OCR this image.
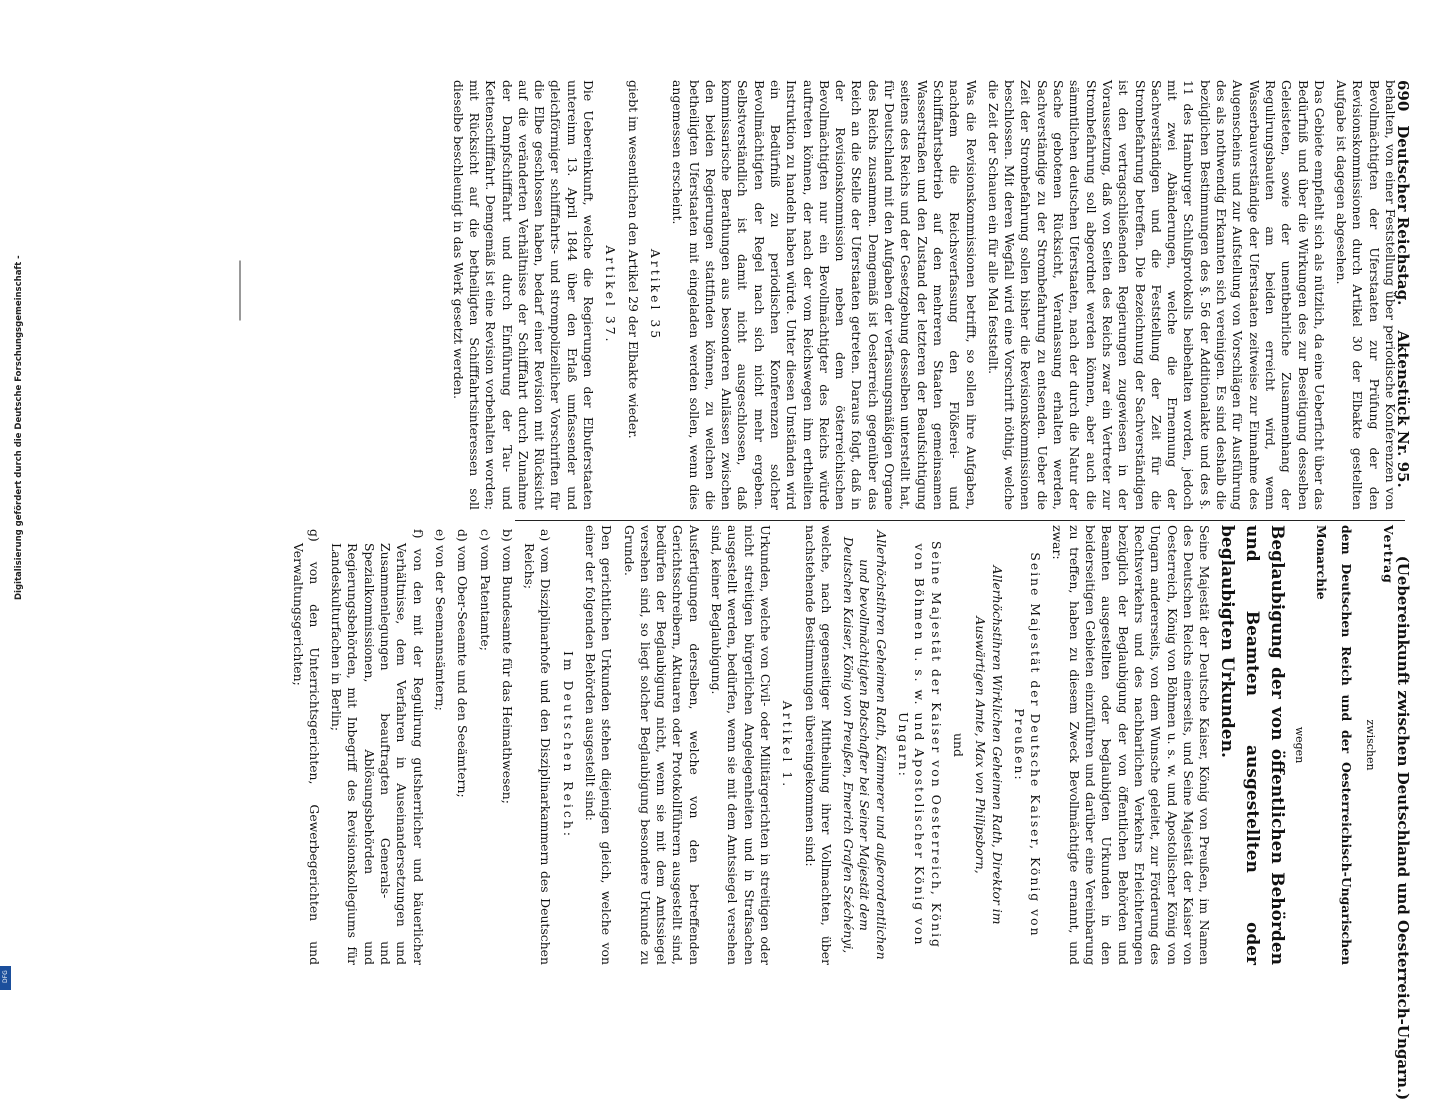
690 Deutscher Reichstag. Aktenstück Nr. 95. (Uebereinkunft zwischen Deutschland und Oesterreich-Ungarn.)

behalten, von einer Feststellung über periodische Konferenzen von Bevollmächtigten der Uferstaaten zur Prüfung der den Revisionskommissionen durch Artikel 30 der Elbakte gestellten Aufgabe ist dagegen abgesehen.

Das Gebiete empfiehlt sich als nützlich, da eine Ueberficht über das Bedürfniß und über die Wirkungen des zur Beseitigung desselben Geleisteten, sowie der unentbehrliche Zusammenhang der Regulirungsbauten am beiden erreicht wird, wenn Wasserbauverständige der Uferstaaten zeitweise zur Einnahme des Augenscheins und zur Aufstellung von Vorschlägen für Ausführung des als nothwendig Erkannten sich vereinigen. Es sind deshalb die bezüglichen Bestimmungen des §. 56 der Additionalakte und des §. 11 des Hamburger Schlußprotokolls beibehalten worden, jedoch mit zwei Abänderungen, welche die Ernennung der Sachverständigen und die Feststellung der Zeit für die Strombefahrung betreffen. Die Bezeichnung der Sachverständigen ist den vertragschließenden Regierungen zugewiesen in der Voraussetzung, daß von Seiten des Reichs zwar ein Vertreter zur Strombefahrung soll abgeordnet werden können, aber auch die sämmtlichen deutschen Uferstaaten, nach der durch die Natur der Sache gebotenen Rücksicht, Veranlassung erhalten werden, Sachverständige zu der Strombefahrung zu entsenden. Ueber die Zeit der Strombefahrung sollen bisher die Revisionskommissionen beschlossen. Mit deren Wegfall wird eine Vorschrift nöthig, welche die Zeit der Schauen ein für alle Mal feststellt.

Was die Revisionskommissionen betrifft, so sollen ihre Aufgaben, nachdem die Reichsverfassung den Flößerei- und Schifffahrtsbetrieb auf den mehreren Staaten gemeinsamen Wasserstraßen und den Zustand der letzteren der Beaufsichtigung seitens des Reichs und der Gesetzgebung desselben unterstellt hat, für Deutschland mit den Aufgaben der verfassungsmäßigen Organe des Reichs zusammen. Demgemäß ist Oesterreich gegenüber das Reich an die Stelle der Uferstaaten getreten. Daraus folgt, daß in der Revisionskommission neben dem österreichischen Bevollmächtigten nur ein Bevollmächtigter des Reichs würde auftreten können, der nach der vom Reichswegen ihm ertheilten Instruktion zu handeln haben würde. Unter diesen Umständen wird ein Bedürfniß zu periodischen Konferenzen solcher Bevollmächtigten der Regel nach sich nicht mehr ergeben. Selbstverständlich ist damit nicht ausgeschlossen, daß kommissarische Berathungen aus besonderen Anlässen zwischen den beiden Regierungen stattfinden können, zu welchen die betheiligten Uferstaaten mit eingeladen werden sollen, wenn dies angemessen erscheint.

Artikel 35

giebt im wesentlichen den Artikel 29 der Elbakte wieder.

Artikel 37.

Die Uebereinkunft, welche die Regierungen der Elbuferstaaten untereinm 13. April 1844 über den Erlaß umfassender und gleichförmiger schifffahrts- und strompolizeilicher Vorschriften für die Elbe geschlossen haben, bedarf einer Revision mit Rücksicht auf die veränderten Verhältnisse der Schifffahrt durch Zunahme der Dampfschifffahrt und durch Einführung der Tau- und Kettenschifffahrt. Demgemäß ist eine Revision vorbehalten worden; mit Rücksicht auf die betheiligten Schifffahrtsinteressen soll dieselbe beschleunigt in das Werk gesetzt werden.

Vertrag

zwischen

dem Deutschen Reich und der Oesterreichisch-Ungarischen Monarchie

wegen

Beglaubigung der von öffentlichen Behörden und Beamten ausgestellten oder beglaubigten Urkunden.

Seine Majestät der Deutsche Kaiser, König von Preußen, im Namen des Deutschen Reichs einerseits, und Seine Majestät der Kaiser von Oesterreich, König von Böhmen u. s. w. und Apostolischer König von Ungarn andererseits, von dem Wunsche geleitet, zur Förderung des Rechtsverkehrs und des nachbarlichen Verkehrs Erleichterungen bezüglich der Beglaubigung der von öffentlichen Behörden und Beamten ausgestellten oder beglaubigten Urkunden in den beiderseitigen Gebieten einzuführen und darüber eine Vereinbarung zu treffen, haben zu diesem Zweck Bevollmächtigte ernannt, und zwar:

Seine Majestät der Deutsche Kaiser, König von Preußen:

Allerhöchstihren Wirklichen Geheimen Rath, Direktor im Auswärtigen Amte, Max von Philipsborn,

und

Seine Majestät der Kaiser von Oesterreich, König von Böhmen u. s. w. und Apostolischer König von Ungarn:

Allerhöchstihren Geheimen Rath, Kämmerer und außerordentlichen und bevollmächtigten Botschafter bei Seiner Majestät dem Deutschen Kaiser, König von Preußen, Emerich Grafen Széchényi,

welche, nach gegenseitiger Mittheilung ihrer Vollmachten, über nachstehende Bestimmungen übereingekommen sind:

Artikel 1.

Urkunden, welche von Civil- oder Militärgerichten in streitigen oder nicht streitigen bürgerlichen Angelegenheiten und in Strafsachen ausgestellt werden, bedürfen, wenn sie mit dem Amtssiegel versehen sind, keiner Beglaubigung.

Ausfertigungen derselben, welche von den betreffenden Gerichtsschreibern, Aktuaren oder Protokollführern ausgestellt sind, bedürfen der Beglaubigung nicht, wenn sie mit dem Amtssiegel versehen sind, so liegt solcher Beglaubigung besondere Urkunde zu Grunde.

Den gerichtlichen Urkunden stehen diejenigen gleich, welche von einer der folgenden Behörden ausgestellt sind:

Im Deutschen Reich:

a) vom Disziplinarhofe und den Disziplinarkammern des Deutschen Reichs;

b) vom Bundesamte für das Heimathwesen;

c) vom Patentamte;

d) vom Ober-Seeamte und den Seeämtern;

e) von der Seemannsämtern;

f) von den mit der Regulirung gutsherrlicher und bäuerlicher Verhältnisse, dem Verfahren in Auseinandersetzungen und Zusammenlegungen beauftragten Generals- und Spezialkommissionen, Ablösungsbehörden und Regierungsbehörden, mit Inbegriff des Revisionskollegiums für Landeskulturfachen in Berlin;

g) von den Unterrichtsgerichten, Gewerbegerichten und Verwaltungsgerichten;

Digitalisierung gefördert durch die Deutsche Forschungsgemeinschaft -
DFG
